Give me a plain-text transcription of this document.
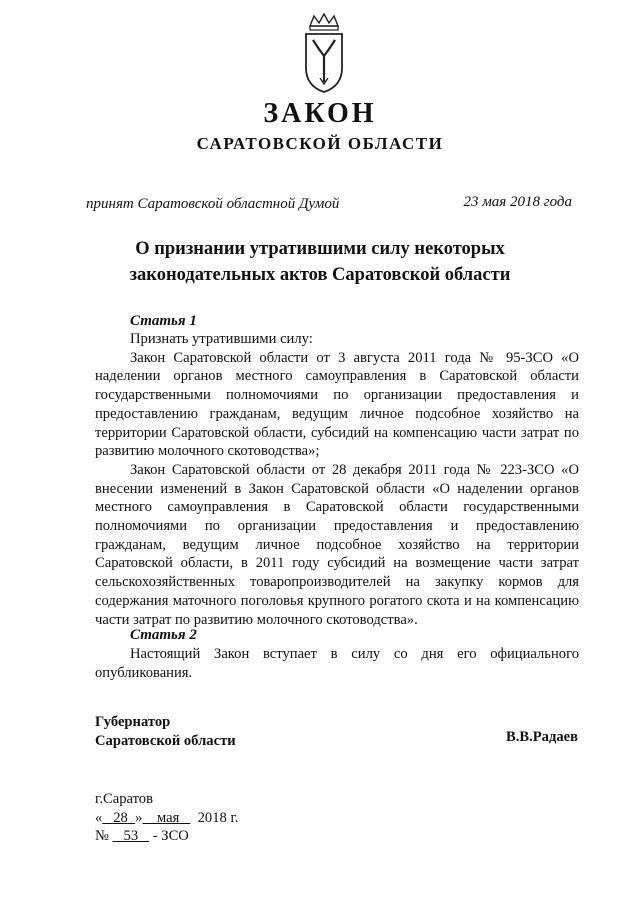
ЗАКОН
САРАТОВСКОЙ ОБЛАСТИ
принят Саратовской областной Думой	23 мая 2018 года
О признании утратившими силу некоторых
законодательных актов Саратовской области
Статья 1

Признать утратившими силу:

Закон Саратовской области от 3 августа 2011 года № 95-ЗСО «О наделении органов местного самоуправления в Саратовской области государственными полномочиями по организации предоставления и предоставлению гражданам, ведущим личное подсобное хозяйство на территории Саратовской области, субсидий на компенсацию части затрат по развитию молочного скотоводства»;

Закон Саратовской области от 28 декабря 2011 года № 223-ЗСО «О внесении изменений в Закон Саратовской области «О наделении органов местного самоуправления в Саратовской области государственными полномочиями по организации предоставления и предоставлению гражданам, ведущим личное подсобное хозяйство на территории Саратовской области, в 2011 году субсидий на возмещение части затрат сельскохозяйственных товаропроизводителей на закупку кормов для содержания маточного поголовья крупного рогатого скота и на компенсацию части затрат по развитию молочного скотоводства».

Статья 2

Настоящий Закон вступает в силу со дня его официального опубликования.

Губернатор
Саратовской области	В.В.Радаев
г.Саратов
« 28 » мая 2018 г.
№ 53 - ЗСО
